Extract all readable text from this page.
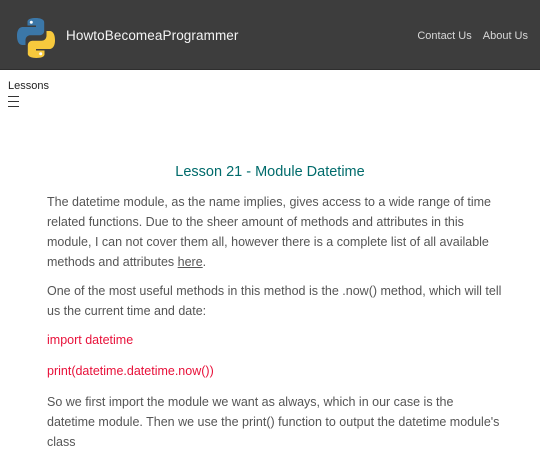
HowtoBecomeaProgrammer	Contact Us About Us
Lessons
Lesson 21 - Module Datetime

The datetime module, as the name implies, gives access to a wide range of time related functions. Due to the sheer amount of methods and attributes in this module, I can not cover them all, however there is a complete list of all available methods and attributes here.

One of the most useful methods in this method is the .now() method, which will tell us the current time and date:

import datetime
print(datetime.datetime.now())

So we first import the module we want as always, which in our case is the datetime module. Then we use the print() function to output the datetime module's class
